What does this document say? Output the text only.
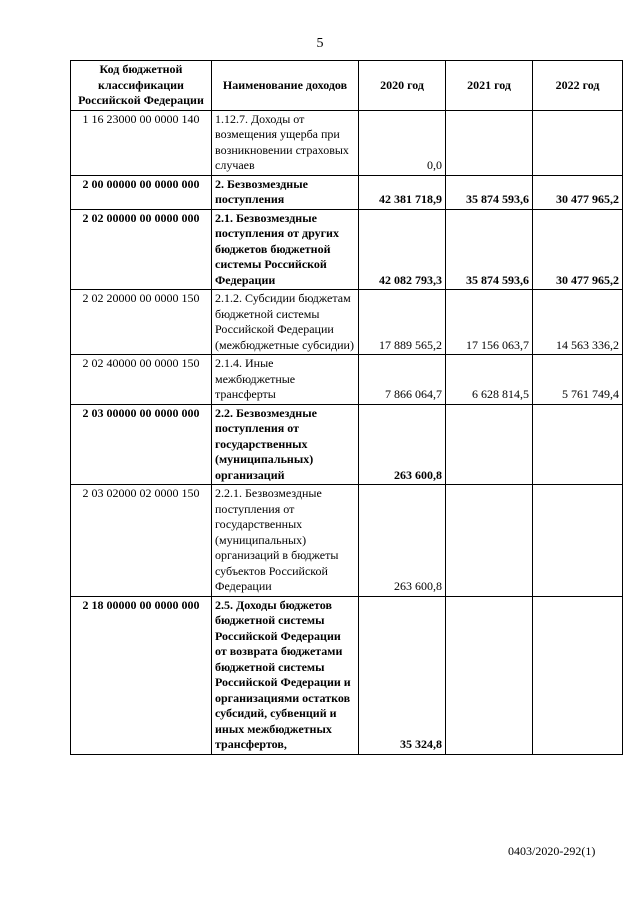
5
Код бюджетной классификации Российской Федерации	Наименование доходов	2020 год	2021 год	2022 год
1 16 23000 00 0000 140	1.12.7. Доходы от возмещения ущерба при возникновении страховых случаев	0,0		
2 00 00000 00 0000 000	2. Безвозмездные поступления	42 381 718,9	35 874 593,6	30 477 965,2
2 02 00000 00 0000 000	2.1. Безвозмездные поступления от других бюджетов бюджетной системы Российской Федерации	42 082 793,3	35 874 593,6	30 477 965,2
2 02 20000 00 0000 150	2.1.2. Субсидии бюджетам бюджетной системы Российской Федерации (межбюджетные субсидии)	17 889 565,2	17 156 063,7	14 563 336,2
2 02 40000 00 0000 150	2.1.4. Иные межбюджетные трансферты	7 866 064,7	6 628 814,5	5 761 749,4
2 03 00000 00 0000 000	2.2. Безвозмездные поступления от государственных (муниципальных) организаций	263 600,8		
2 03 02000 02 0000 150	2.2.1. Безвозмездные поступления от государственных (муниципальных) организаций в бюджеты субъектов Российской Федерации	263 600,8		
2 18 00000 00 0000 000	2.5. Доходы бюджетов бюджетной системы Российской Федерации от возврата бюджетами бюджетной системы Российской Федерации и организациями остатков субсидий, субвенций и иных межбюджетных трансфертов,	35 324,8		
0403/2020-292(1)
